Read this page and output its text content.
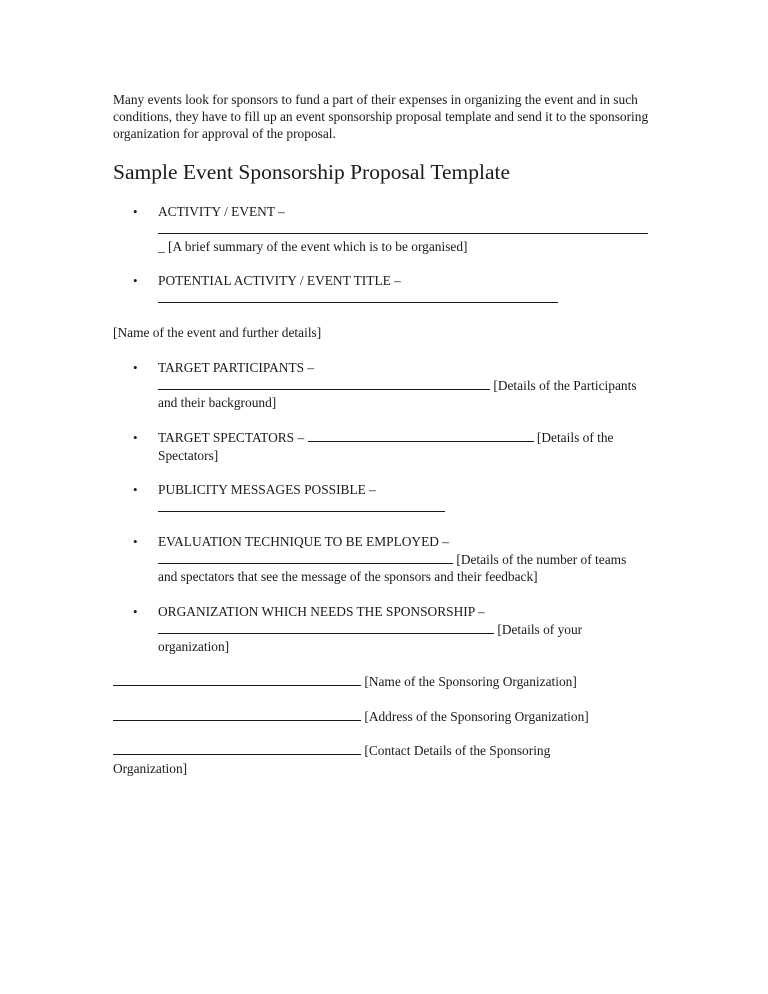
Many events look for sponsors to fund a part of their expenses in organizing the event and in such conditions, they have to fill up an event sponsorship proposal template and send it to the sponsoring organization for approval of the proposal.

Sample Event Sponsorship Proposal Template
• ACTIVITY / EVENT –
_ [A brief summary of the event which is to be organised]
• POTENTIAL ACTIVITY / EVENT TITLE –
[Name of the event and further details]
• TARGET PARTICIPANTS –
[Details of the Participants
and their background]
• TARGET SPECTATORS –	[Details of the
Spectators]
• PUBLICITY MESSAGES POSSIBLE –
• EVALUATION TECHNIQUE TO BE EMPLOYED –
[Details of the number of teams
and spectators that see the message of the sponsors and their feedback]
• ORGANIZATION WHICH NEEDS THE SPONSORSHIP –
[Details of your
organization]
[Name of the Sponsoring Organization]
[Address of the Sponsoring Organization]
[Contact Details of the Sponsoring
Organization]
